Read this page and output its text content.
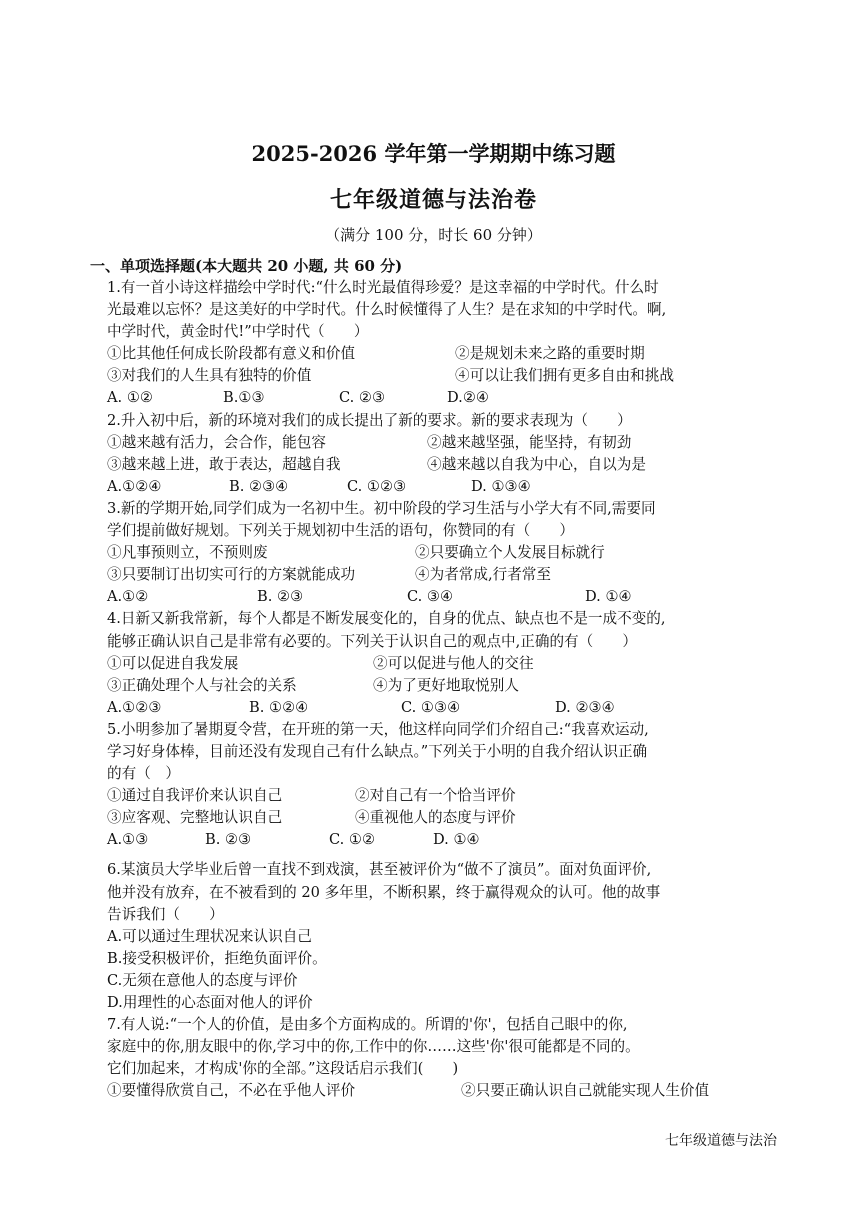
2025-2026 学年第一学期期中练习题
七年级道德与法治卷
（满分 100 分，时长 60 分钟）
一、单项选择题(本大题共 20 小题, 共 60 分)
1.有一首小诗这样描绘中学时代:“什么时光最值得珍爱？是这幸福的中学时代。什么时
光最难以忘怀？是这美好的中学时代。什么时候懂得了人生？是在求知的中学时代。啊,
中学时代，黄金时代!”中学时代（　　）
①比其他任何成长阶段都有意义和价值	②是规划未来之路的重要时期
③对我们的人生具有独特的价值	④可以让我们拥有更多自由和挑战
A. ①②	B.①③	C. ②③	D.②④
2.升入初中后，新的环境对我们的成长提出了新的要求。新的要求表现为（　　）
①越来越有活力，会合作，能包容	②越来越坚强，能坚持，有韧劲
③越来越上进，敢于表达，超越自我	④越来越以自我为中心，自以为是
A.①②④	B. ②③④	C. ①②③	D. ①③④
3.新的学期开始,同学们成为一名初中生。初中阶段的学习生活与小学大有不同,需要同
学们提前做好规划。下列关于规划初中生活的语句，你赞同的有（　　）
①凡事预则立，不预则废	②只要确立个人发展目标就行
③只要制订出切实可行的方案就能成功	④为者常成,行者常至
A.①②	B. ②③	C. ③④	D. ①④
4.日新又新我常新，每个人都是不断发展变化的，自身的优点、缺点也不是一成不变的,
能够正确认识自己是非常有必要的。下列关于认识自己的观点中,正确的有（　　）
①可以促进自我发展	②可以促进与他人的交往
③正确处理个人与社会的关系	④为了更好地取悦别人
A.①②③	B. ①②④	C. ①③④	D. ②③④
5.小明参加了暑期夏令营，在开班的第一天，他这样向同学们介绍自己:“我喜欢运动,
学习好身体棒，目前还没有发现自己有什么缺点。”下列关于小明的自我介绍认识正确
的有（　）
①通过自我评价来认识自己	②对自己有一个恰当评价
③应客观、完整地认识自己	④重视他人的态度与评价
A.①③	B. ②③	C. ①②	D. ①④
6.某演员大学毕业后曾一直找不到戏演，甚至被评价为“做不了演员”。面对负面评价,
他并没有放弃，在不被看到的 20 多年里，不断积累，终于赢得观众的认可。他的故事
告诉我们（　　）
A.可以通过生理状况来认识自己
B.接受积极评价，拒绝负面评价。
C.无须在意他人的态度与评价
D.用理性的心态面对他人的评价
7.有人说:“一个人的价值，是由多个方面构成的。所谓的'你'，包括自己眼中的你,
家庭中的你,朋友眼中的你,学习中的你,工作中的你……这些'你'很可能都是不同的。
它们加起来，才构成'你的全部。”这段话启示我们(　　)
①要懂得欣赏自己，不必在乎他人评价	②只要正确认识自己就能实现人生价值
七年级道德与法治
